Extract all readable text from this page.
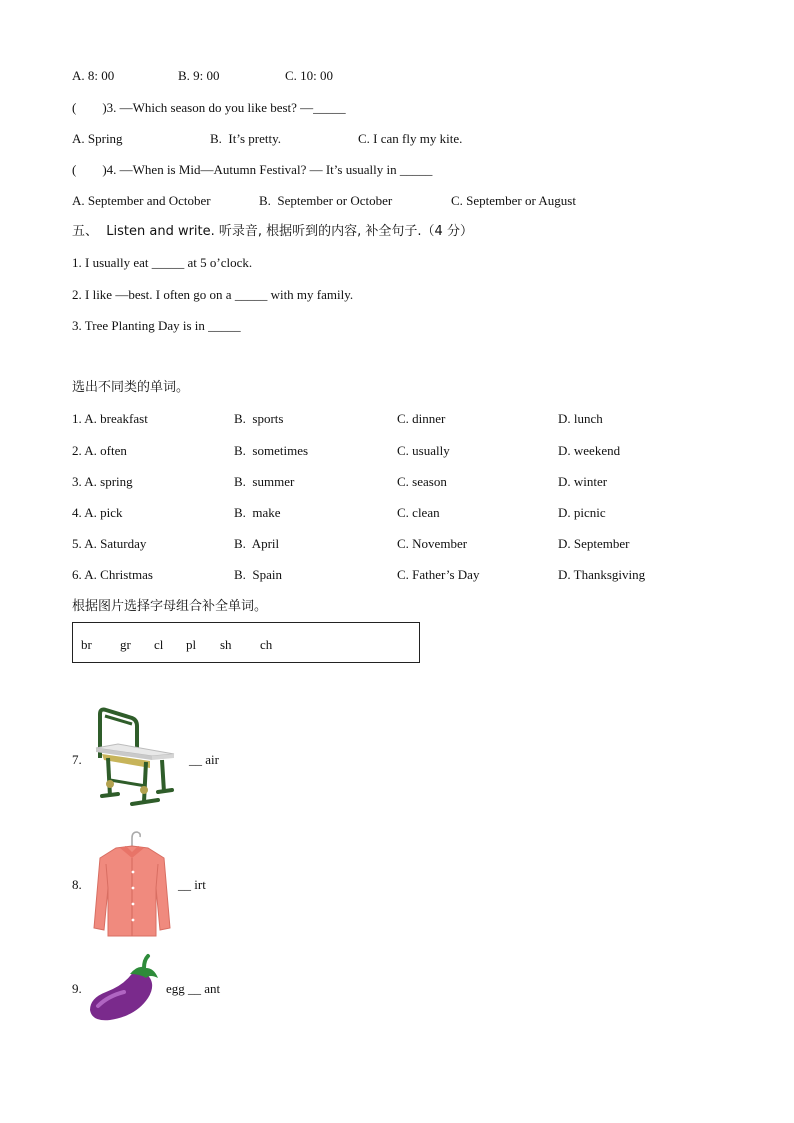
A. 8: 00	B. 9: 00	C. 10: 00
(　　)3. —Which season do you like best? —_____
A. Spring	B.  It’s pretty.	C. I can fly my kite.
(　　)4. —When is Mid—Autumn Festival? — It’s usually in _____
A. September and October	B.  September or October	C. September or August
五、  Listen and write. 听录音, 根据听到的内容, 补全句子.（4 分）
1. I usually eat _____ at 5 o’clock.
2. I like —best. I often go on a _____ with my family.
3. Tree Planting Day is in _____
选出不同类的单词。
1. A. breakfast	B.  sports	C. dinner	D. lunch
2. A. often	B.  sometimes	C. usually	D. weekend
3. A. spring	B.  summer	C. season	D. winter
4. A. pick	B.  make	C. clean	D. picnic
5. A. Saturday	B.  April	C. November	D. September
6. A. Christmas	B.  Spain	C. Father’s Day	D. Thanksgiving
根据图片选择字母组合补全单词。
br gr cl pl sh ch
7.	__ air
8.	__ irt
9.	egg __ ant
